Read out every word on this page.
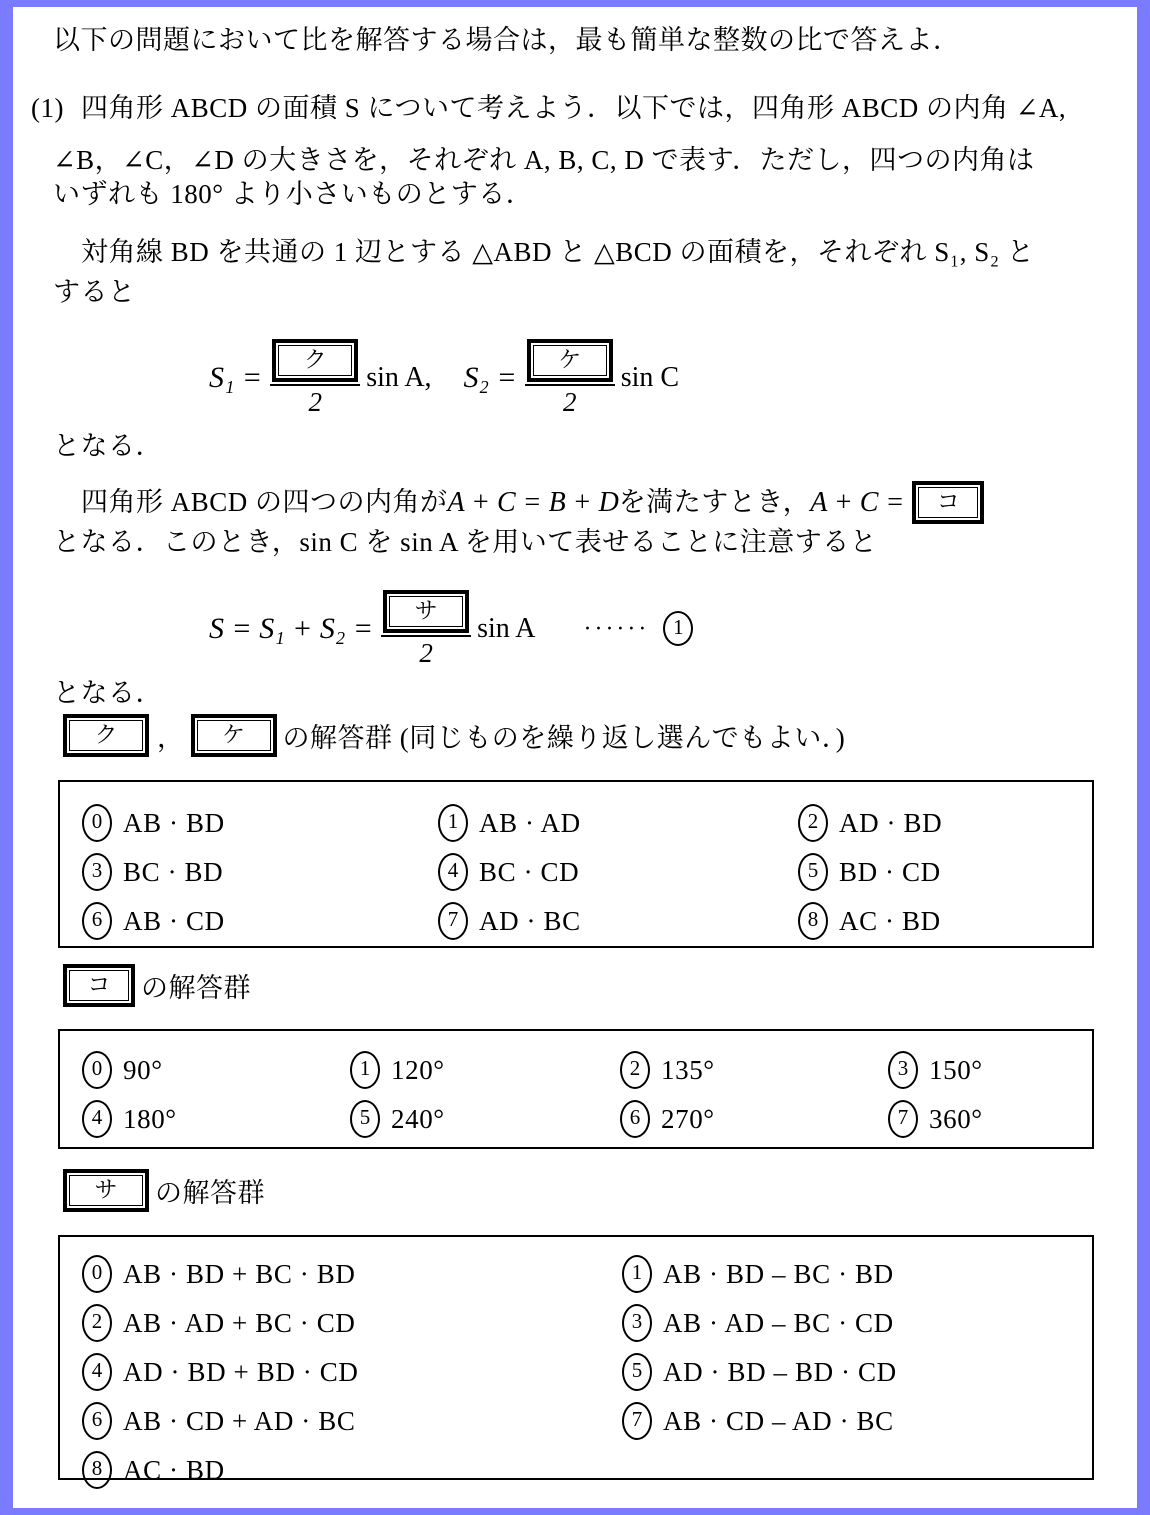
以下の問題において比を解答する場合は，最も簡単な整数の比で答えよ．
(1) 四角形 ABCD の面積 S について考えよう．以下では，四角形 ABCD の内角 ∠A,
∠B，∠C，∠D の大きさを，それぞれ A, B, C, D で表す．ただし，四つの内角は
いずれも 180° より小さいものとする．
対角線 BD を共通の 1 辺とする △ABD と △BCD の面積を，それぞれ S₁, S₂ と
すると
$S_1 = \frac{\text{ク}}{2}$ sin A, $S_2 = \frac{\text{ケ}}{2}$ sin C
となる．
四角形 ABCD の四つの内角が A + C = B + D を満たすとき， A + C =	コ
となる．このとき，sin C を sin A を用いて表せることに注意すると
$S = S_1 + S_2 = \frac{\text{サ}}{2}$ sin A ······	1
となる．
ク	，	ケ	の解答群 (同じものを繰り返し選んでもよい．)
0 AB · BD	1 AB · AD	2 AD · BD
3 BC · BD	4 BC · CD	5 BD · CD
6 AB · CD	7 AD · BC	8 AC · BD
コ	の解答群
0 90°	1 120°	2 135°	3 150°
4 180°	5 240°	6 270°	7 360°
サ	の解答群
0 AB · BD + BC · BD	1 AB · BD – BC · BD
2 AB · AD + BC · CD	3 AB · AD – BC · CD
4 AD · BD + BD · CD	5 AD · BD – BD · CD
6 AB · CD + AD · BC	7 AB · CD – AD · BC
8 AC · BD
